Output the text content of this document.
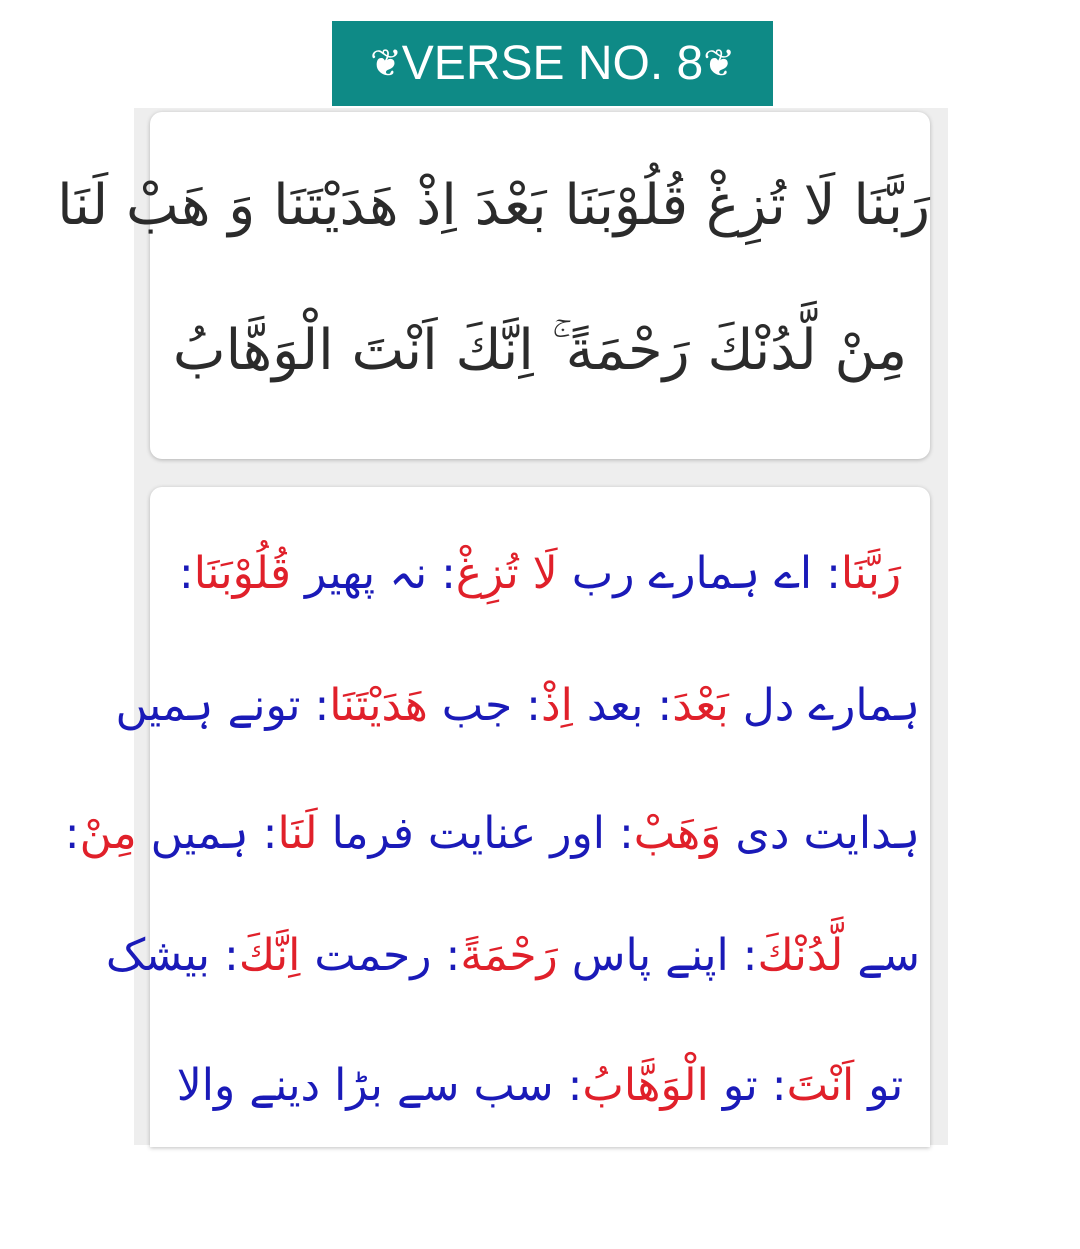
❦ VERSE NO. 8 ❦
رَبَّنَا لَا تُزِغْ قُلُوْبَنَا بَعْدَ اِذْ هَدَیْتَنَا وَ هَبْ لَنَا
مِنْ لَّدُنْكَ رَحْمَةً ۚ اِنَّكَ اَنْتَ الْوَهَّابُ
رَبَّنَا: اے ہمارے رب لَا تُزِغْ: نہ پھیر قُلُوْبَنَا:
ہمارے دل بَعْدَ: بعد اِذْ: جب هَدَیْتَنَا: تونے ہمیں
ہدایت دی وَهَبْ: اور عنایت فرما لَنَا: ہمیں مِنْ:
سے لَّدُنْكَ: اپنے پاس رَحْمَةً: رحمت اِنَّكَ: بیشک
تو اَنْتَ: تو الْوَهَّابُ: سب سے بڑا دینے والا
